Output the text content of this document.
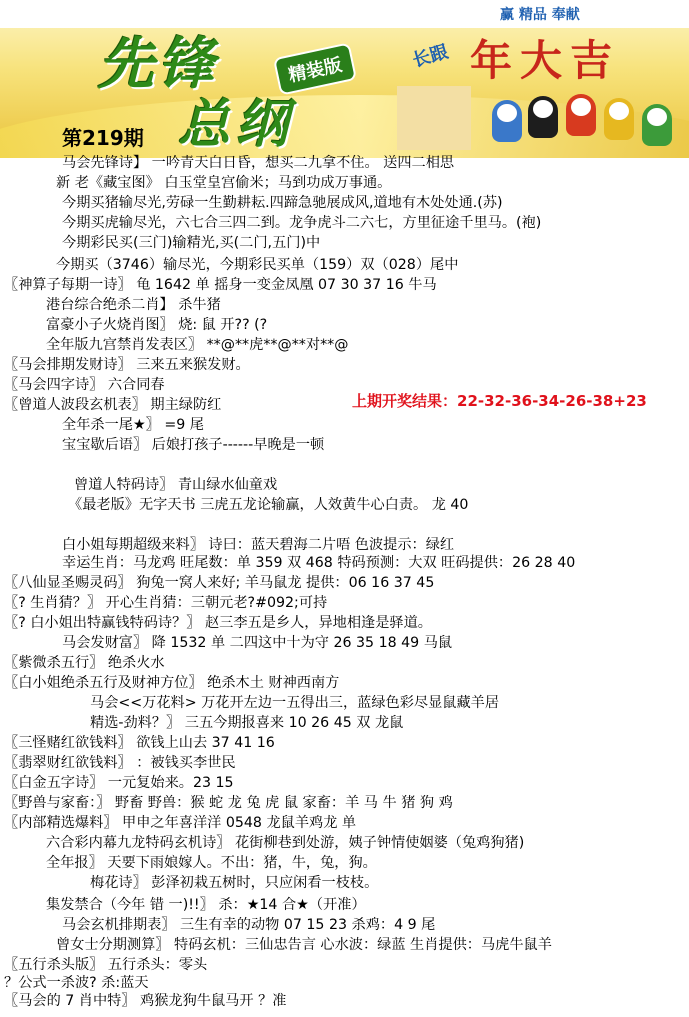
赢 精品 奉献
先锋
总纲
精装版	长跟 年大吉
第219期
马会先锋诗】 一吟青天白日昏，想买二九拿不住。 送四二相思
新 老《藏宝图》 白玉堂皇宫偷米；马到功成万事通。
今期买猪输尽光,劳碌一生勤耕耘.四蹄急驰展成风,道地有木处处通.(苏)
今期买虎输尽光，六七合三四二到。龙争虎斗二六七，方里征途千里马。(袍)
今期彩民买(三门)输精光,买(二门,五门)中
今期买（3746）输尽光，今期彩民买单（159）双（028）尾中
〖神算子每期一诗〗 龟 1642 单 摇身一变金凤凰 07 30 37 16 牛马
港台综合绝杀二肖】 杀牛猪
富豪小子火烧肖图〗 烧: 鼠 开?? (?
全年版九宫禁肖发表区〗 **@**虎**@**对**@
〖马会排期发财诗〗 三来五来猴发财。
〖马会四字诗〗 六合同春
〖曾道人波段玄机表〗 期主绿防红
全年杀一尾★〗 =9 尾
宝宝歇后语〗 后娘打孩子------早晚是一顿
曾道人特码诗〗 青山绿水仙童戏
《最老版》无字天书 三虎五龙论输赢，人效黄牛心白责。 龙 40
白小姐每期超级来料〗 诗曰：蓝天碧海二片唔 色波提示：绿红
幸运生肖：马龙鸡 旺尾数：单 359 双 468 特码预测：大双 旺码提供：26 28 40
〖八仙显圣赐灵码〗 狗兔一窝人来好; 羊马鼠龙 提供：06 16 37 45
〖? 生肖猜？〗 开心生肖猜：三朝元老?#092;可持
〖? 白小姐出特赢钱特码诗？〗 赵三李五是乡人，异地相逢是驿道。
马会发财富〗 降 1532 单 二四这中十为守 26 35 18 49 马鼠
〖紫微杀五行〗 绝杀火水
〖白小姐绝杀五行及财神方位〗 绝杀木土 财神西南方
马会<<万花料> 万花开左边一五得出三，蓝绿色彩尽显鼠藏羊居
精选-劲料？〗 三五今期报喜来 10 26 45 双 龙鼠
〖三怪赌红欲钱料〗 欲钱上山去 37 41 16
〖翡翠财红欲钱料〗 ：被钱买李世民
〖白金五字诗〗 一元复始来。23 15
〖野兽与家畜：〗 野畜 野兽：猴 蛇 龙 兔 虎 鼠 家畜：羊 马 牛 猪 狗 鸡
〖内部精选爆料〗 甲申之年喜洋洋 0548 龙鼠羊鸡龙 单
六合彩内幕九龙特码玄机诗〗 花街柳巷到处游，姨子钟情使姻婆（兔鸡狗猪)
全年报〗 天要下雨娘嫁人。不出：猪，牛，兔，狗。
梅花诗〗 彭泽初栽五树时，只应闲看一枝枝。
集发禁合（今年 错 一)!!〗 杀：★14 合★（开准）
马会玄机排期表〗 三生有幸的动物 07 15 23 杀鸡：4 9 尾
曾女士分期测算〗 特码玄机：三仙忠告言 心水波：绿蓝 生肖提供：马虎牛鼠羊
〖五行杀头版〗 五行杀头：零头
？公式一杀波? 杀:蓝天
〖马会的 7 肖中特〗 鸡猴龙狗牛鼠马开 ？准
上期开奖结果：22-32-36-34-26-38+23
